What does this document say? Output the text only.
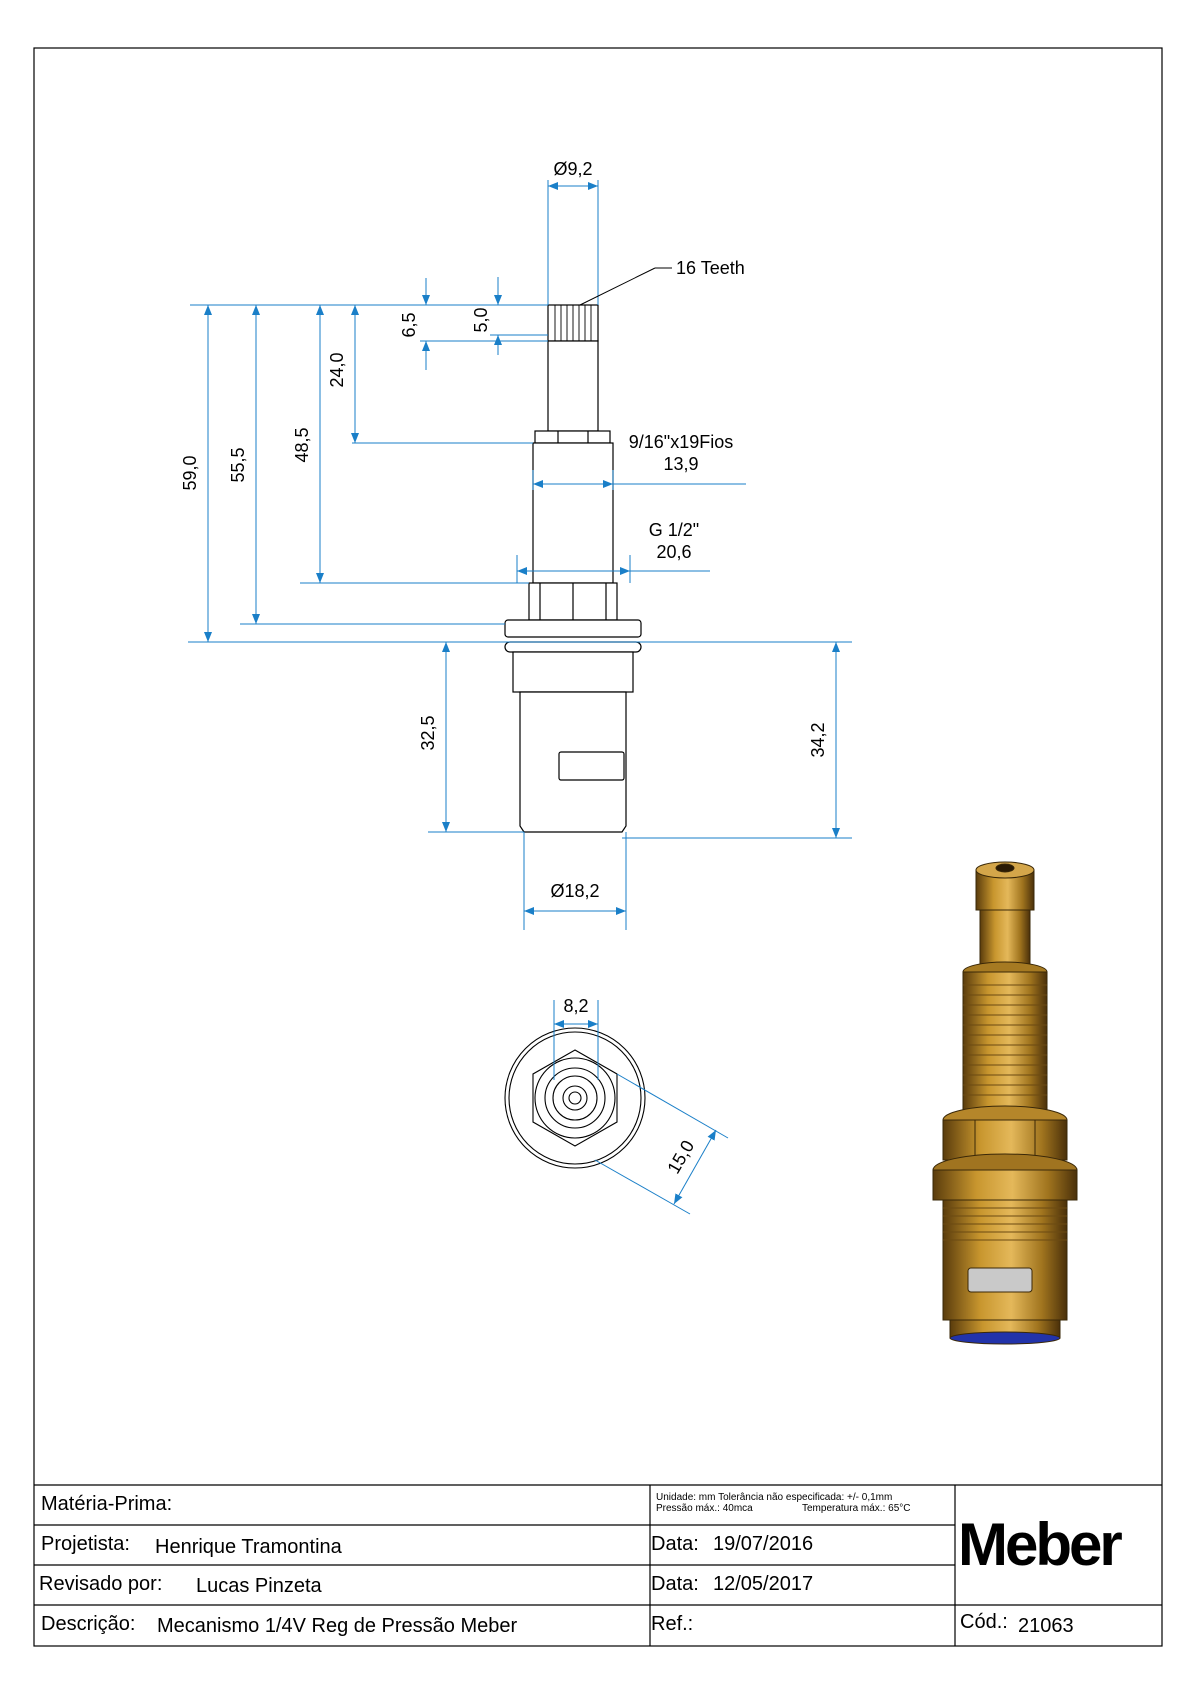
Ø9,2
16 Teeth
6,5	5,0
24,0
48,5
55,5
59,0
9/16"x19Fios
13,9
G 1/2"
20,6
32,5	34,2
Ø18,2
8,2
15,0
Matéria-Prima:
Projetista: Henrique Tramontina
Revisado por: Lucas Pinzeta
Descrição: Mecanismo 1/4V Reg de Pressão Meber
Unidade: mm Tolerância não especificada: +/- 0,1mm
Pressão máx.: 40mca	Temperatura máx.: 65°C
Data: 19/07/2016
Data: 12/05/2017
Ref.:
Meber
Cód.: 21063
